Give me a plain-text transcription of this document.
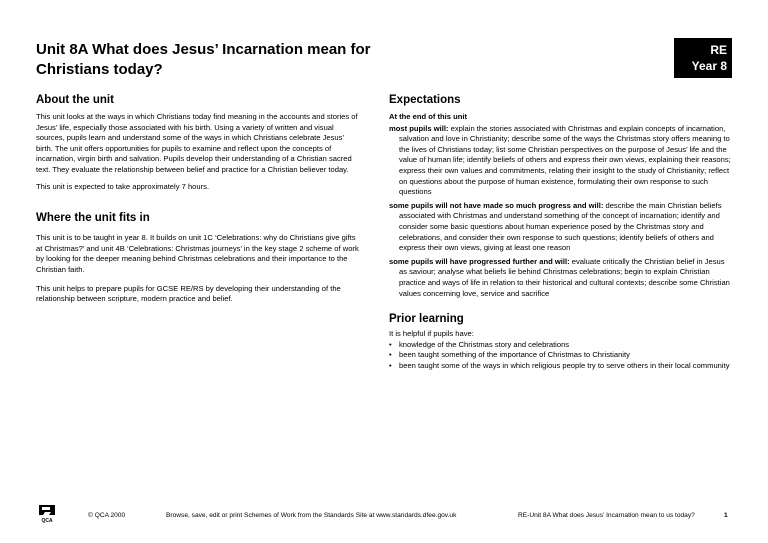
Unit 8A What does Jesus’ Incarnation mean for Christians today?
RE
Year 8
About the unit

This unit looks at the ways in which Christians today find meaning in the accounts and stories of Jesus’ life, especially those associated with his birth. Using a variety of written and visual sources, pupils learn and understand some of the ways in which Christians celebrate Jesus’ birth. The unit offers opportunities for pupils to examine and reflect upon the concepts of incarnation, virgin birth and salvation. Pupils develop their understanding of a Christian sacred text. They evaluate the relationship between belief and practice for a Christian believer today.

This unit is expected to take approximately 7 hours.

Where the unit fits in

This unit is to be taught in year 8. It builds on unit 1C ‘Celebrations: why do Christians give gifts at Christmas?’ and unit 4B ‘Celebrations: Christmas journeys’ in the key stage 2 scheme of work by looking for the deeper meaning behind Christmas celebrations and their importance to the Christian faith.

This unit helps to prepare pupils for GCSE RE/RS by developing their understanding of the relationship between scripture, modern practice and belief.

Expectations

At the end of this unit

most pupils will: explain the stories associated with Christmas and explain concepts of incarnation, salvation and love in Christianity; describe some of the ways the Christmas story offers meaning to the lives of Christians today; list some Christian perspectives on the purpose of Jesus’ life and the value of human life; identify beliefs of others and express their own views, explaining their reasons; express their own values and commitments, relating their insight to the study of Christianity; reflect on questions about the purpose of human existence, formulating their own response to such questions

some pupils will not have made so much progress and will: describe the main Christian beliefs associated with Christmas and understand something of the concept of incarnation; identify and consider some basic questions about human experience posed by the Christmas story and celebrations, and consider their own response to such questions; identify beliefs of others and express their own views, giving at least one reason

some pupils will have progressed further and will: evaluate critically the Christian belief in Jesus as saviour; analyse what beliefs lie behind Christmas celebrations; begin to explain Christian practice and ways of life in relation to their historical and cultural contexts; describe some Christian values concerning love, service and sacrifice

Prior learning

It is helpful if pupils have:

• knowledge of the Christmas story and celebrations
• been taught something of the importance of Christmas to Christianity
• been taught some of the ways in which religious people try to serve others in their local community
QCA
© QCA 2000	Browse, save, edit or print Schemes of Work from the Standards Site at www.standards.dfee.gov.uk	RE-Unit 8A What does Jesus’ Incarnation mean to us today?	1
